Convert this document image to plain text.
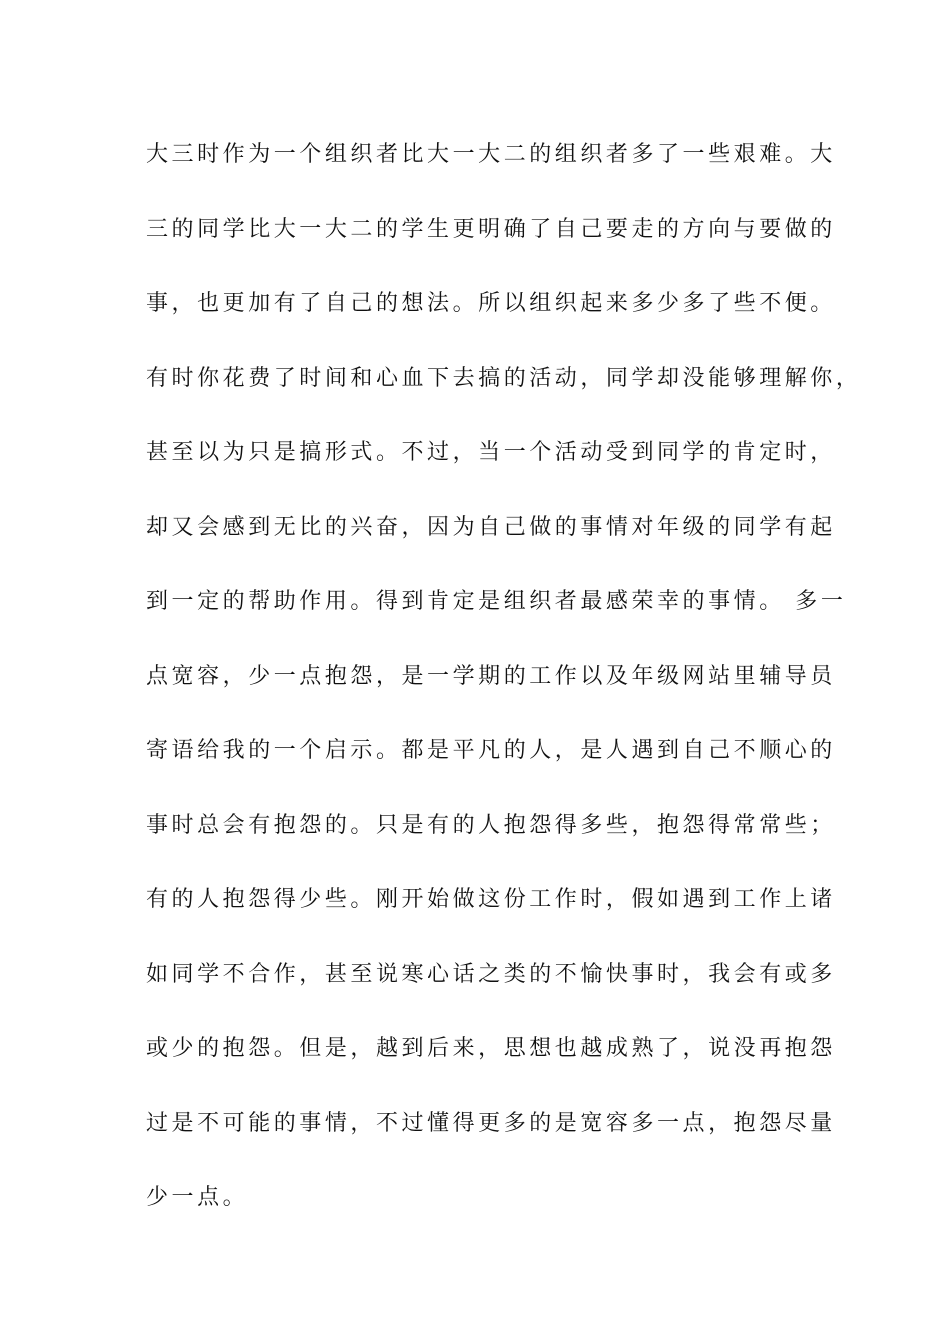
大三时作为一个组织者比大一大二的组织者多了一些艰难。大
三的同学比大一大二的学生更明确了自己要走的方向与要做的
事，也更加有了自己的想法。所以组织起来多少多了些不便。
有时你花费了时间和心血下去搞的活动，同学却没能够理解你，
甚至以为只是搞形式。不过，当一个活动受到同学的肯定时，
却又会感到无比的兴奋，因为自己做的事情对年级的同学有起
到一定的帮助作用。得到肯定是组织者最感荣幸的事情。 多一
点宽容，少一点抱怨，是一学期的工作以及年级网站里辅导员
寄语给我的一个启示。都是平凡的人，是人遇到自己不顺心的
事时总会有抱怨的。只是有的人抱怨得多些，抱怨得常常些；
有的人抱怨得少些。刚开始做这份工作时，假如遇到工作上诸
如同学不合作，甚至说寒心话之类的不愉快事时，我会有或多
或少的抱怨。但是，越到后来，思想也越成熟了，说没再抱怨
过是不可能的事情，不过懂得更多的是宽容多一点，抱怨尽量
少一点。
